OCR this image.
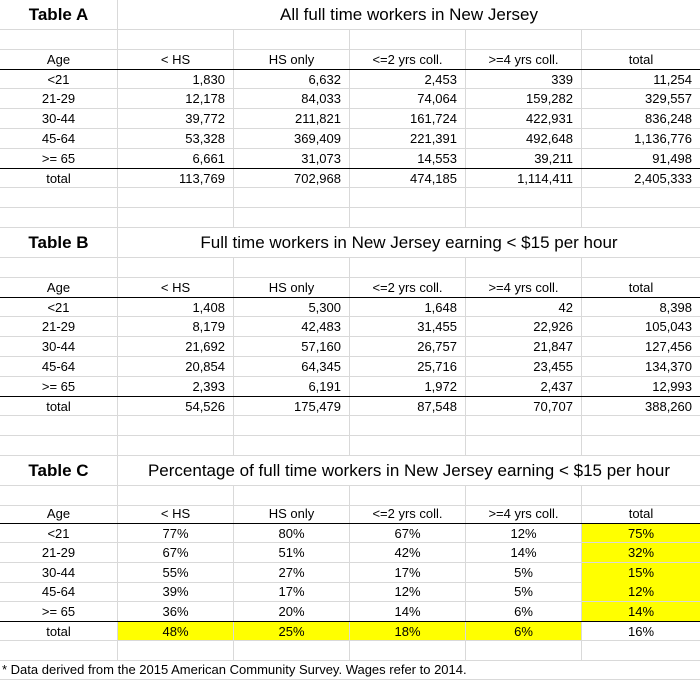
Table A	All full time workers in New Jersey
Age	< HS	HS only	<=2 yrs coll.	>=4 yrs coll.	total
<21	1,830	6,632	2,453	339	11,254
21-29	12,178	84,033	74,064	159,282	329,557
30-44	39,772	211,821	161,724	422,931	836,248
45-64	53,328	369,409	221,391	492,648	1,136,776
>= 65	6,661	31,073	14,553	39,211	91,498
total	113,769	702,968	474,185	1,114,411	2,405,333
Table B	Full time workers in New Jersey earning < $15 per hour
Age	< HS	HS only	<=2 yrs coll.	>=4 yrs coll.	total
<21	1,408	5,300	1,648	42	8,398
21-29	8,179	42,483	31,455	22,926	105,043
30-44	21,692	57,160	26,757	21,847	127,456
45-64	20,854	64,345	25,716	23,455	134,370
>= 65	2,393	6,191	1,972	2,437	12,993
total	54,526	175,479	87,548	70,707	388,260
Table C	Percentage of full time workers in New Jersey earning < $15 per hour
Age	< HS	HS only	<=2 yrs coll.	>=4 yrs coll.	total
<21	77%	80%	67%	12%	75%
21-29	67%	51%	42%	14%	32%
30-44	55%	27%	17%	5%	15%
45-64	39%	17%	12%	5%	12%
>= 65	36%	20%	14%	6%	14%
total	48%	25%	18%	6%	16%
* Data derived from the 2015 American Community Survey. Wages refer to 2014.
